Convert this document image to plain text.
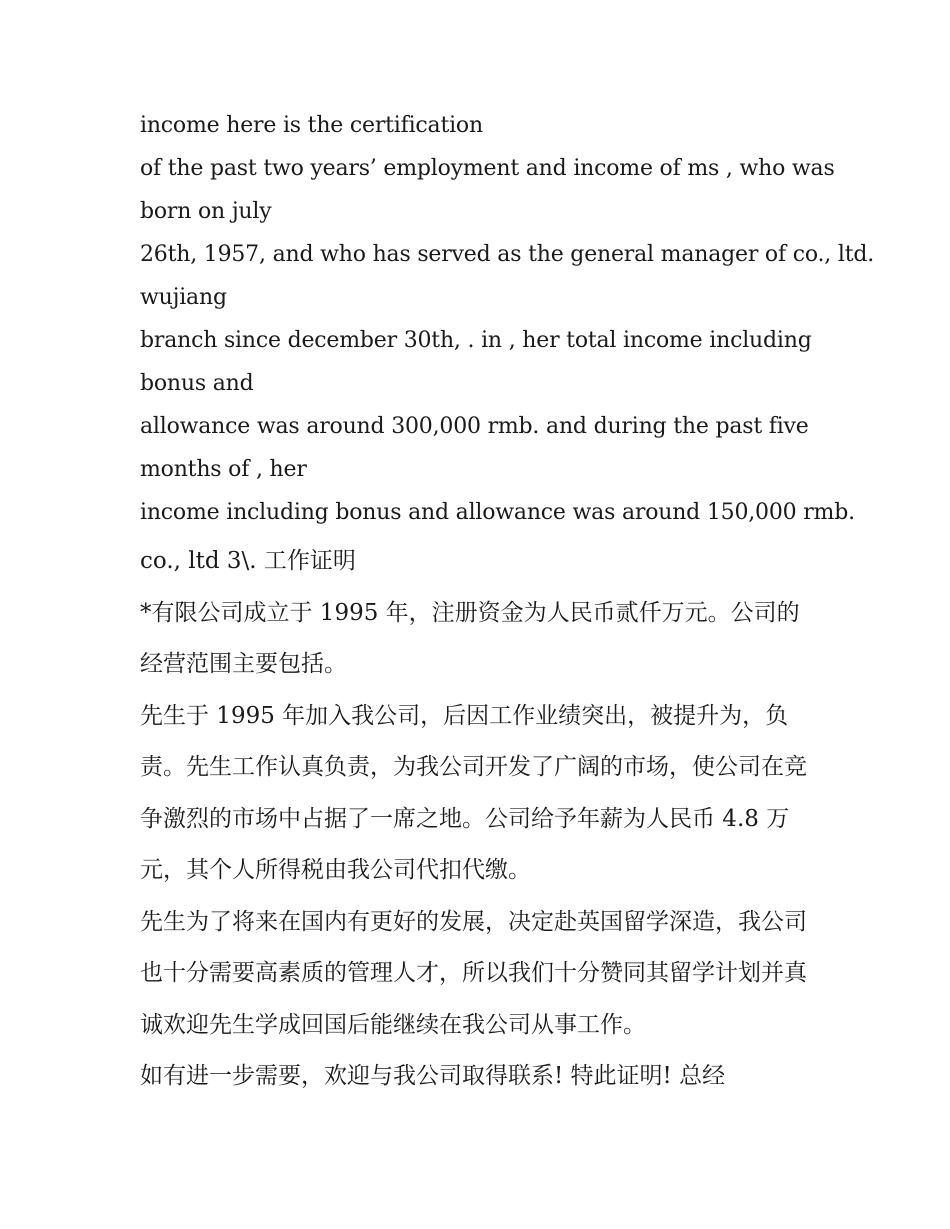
income here is the certification
of the past two years’ employment and income of ms , who was
born on july
26th, 1957, and who has served as the general manager of co., ltd.
wujiang
branch since december 30th, . in , her total income including
bonus and
allowance was around 300,000 rmb. and during the past five
months of , her
income including bonus and allowance was around 150,000 rmb.
co., ltd 3\. 工作证明

*有限公司成立于 1995 年，注册资金为人民币贰仟万元。公司的经营范围主要包括。

先生于 1995 年加入我公司，后因工作业绩突出，被提升为，负责。先生工作认真负责，为我公司开发了广阔的市场，使公司在竞争激烈的市场中占据了一席之地。公司给予年薪为人民币 4.8 万元，其个人所得税由我公司代扣代缴。

先生为了将来在国内有更好的发展，决定赴英国留学深造，我公司也十分需要高素质的管理人才，所以我们十分赞同其留学计划并真诚欢迎先生学成回国后能继续在我公司从事工作。

如有进一步需要，欢迎与我公司取得联系! 特此证明! 总经
